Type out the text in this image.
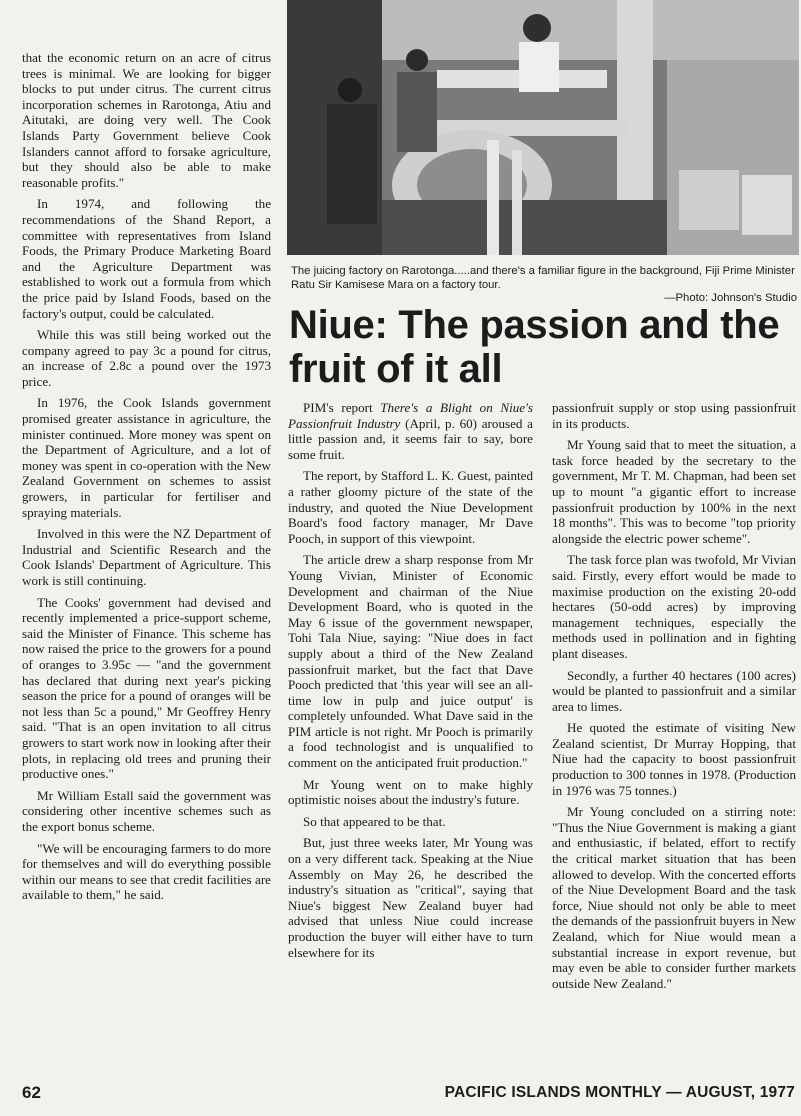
that the economic return on an acre of citrus trees is minimal. We are looking for bigger blocks to put under citrus. The current citrus incorporation schemes in Rarotonga, Atiu and Aitutaki, are doing very well. The Cook Islands Party Government believe Cook Islanders cannot afford to forsake agriculture, but they should also be able to make reasonable profits."

In 1974, and following the recommendations of the Shand Report, a committee with representatives from Island Foods, the Primary Produce Marketing Board and the Agriculture Department was established to work out a formula from which the price paid by Island Foods, based on the factory's output, could be calculated.

While this was still being worked out the company agreed to pay 3c a pound for citrus, an increase of 2.8c a pound over the 1973 price.

In 1976, the Cook Islands government promised greater assistance in agriculture, the minister continued. More money was spent on the Department of Agriculture, and a lot of money was spent in co-operation with the New Zealand Government on schemes to assist growers, in particular for fertiliser and spraying materials.

Involved in this were the NZ Department of Industrial and Scientific Research and the Cook Islands' Department of Agriculture. This work is still continuing.

The Cooks' government had devised and recently implemented a price-support scheme, said the Minister of Finance. This scheme has now raised the price to the growers for a pound of oranges to 3.95c — "and the government has declared that during next year's picking season the price for a pound of oranges will be not less than 5c a pound," Mr Geoffrey Henry said. "That is an open invitation to all citrus growers to start work now in looking after their plots, in replacing old trees and pruning their productive ones."

Mr William Estall said the government was considering other incentive schemes such as the export bonus scheme.

"We will be encouraging farmers to do more for themselves and will do everything possible within our means to see that credit facilities are available to them," he said.

The juicing factory on Rarotonga.....and there's a familiar figure in the background, Fiji Prime Minister Ratu Sir Kamisese Mara on a factory tour.
—Photo: Johnson's Studio
Niue: The passion and the fruit of it all

PIM's report There's a Blight on Niue's Passionfruit Industry (April, p. 60) aroused a little passion and, it seems fair to say, bore some fruit.

The report, by Stafford L. K. Guest, painted a rather gloomy picture of the state of the industry, and quoted the Niue Development Board's food factory manager, Mr Dave Pooch, in support of this viewpoint.

The article drew a sharp response from Mr Young Vivian, Minister of Economic Development and chairman of the Niue Development Board, who is quoted in the May 6 issue of the government newspaper, Tohi Tala Niue, saying: "Niue does in fact supply about a third of the New Zealand passionfruit market, but the fact that Dave Pooch predicted that 'this year will see an all-time low in pulp and juice output' is completely unfounded. What Dave said in the PIM article is not right. Mr Pooch is primarily a food technologist and is unqualified to comment on the anticipated fruit production."

Mr Young went on to make highly optimistic noises about the industry's future.

So that appeared to be that.

But, just three weeks later, Mr Young was on a very different tack. Speaking at the Niue Assembly on May 26, he described the industry's situation as "critical", saying that Niue's biggest New Zealand buyer had advised that unless Niue could increase production the buyer will either have to turn elsewhere for its

passionfruit supply or stop using passionfruit in its products.

Mr Young said that to meet the situation, a task force headed by the secretary to the government, Mr T. M. Chapman, had been set up to mount "a gigantic effort to increase passionfruit production by 100% in the next 18 months". This was to become "top priority alongside the electric power scheme".

The task force plan was twofold, Mr Vivian said. Firstly, every effort would be made to maximise production on the existing 20-odd hectares (50-odd acres) by improving management techniques, especially the methods used in pollination and in fighting plant diseases.

Secondly, a further 40 hectares (100 acres) would be planted to passionfruit and a similar area to limes.

He quoted the estimate of visiting New Zealand scientist, Dr Murray Hopping, that Niue had the capacity to boost passionfruit production to 300 tonnes in 1978. (Production in 1976 was 75 tonnes.)

Mr Young concluded on a stirring note: "Thus the Niue Government is making a giant and enthusiastic, if belated, effort to rectify the critical market situation that has been allowed to develop. With the concerted efforts of the Niue Development Board and the task force, Niue should not only be able to meet the demands of the passionfruit buyers in New Zealand, which for Niue would mean a substantial increase in export revenue, but may even be able to consider further markets outside New Zealand."

62	PACIFIC ISLANDS MONTHLY — AUGUST, 1977
